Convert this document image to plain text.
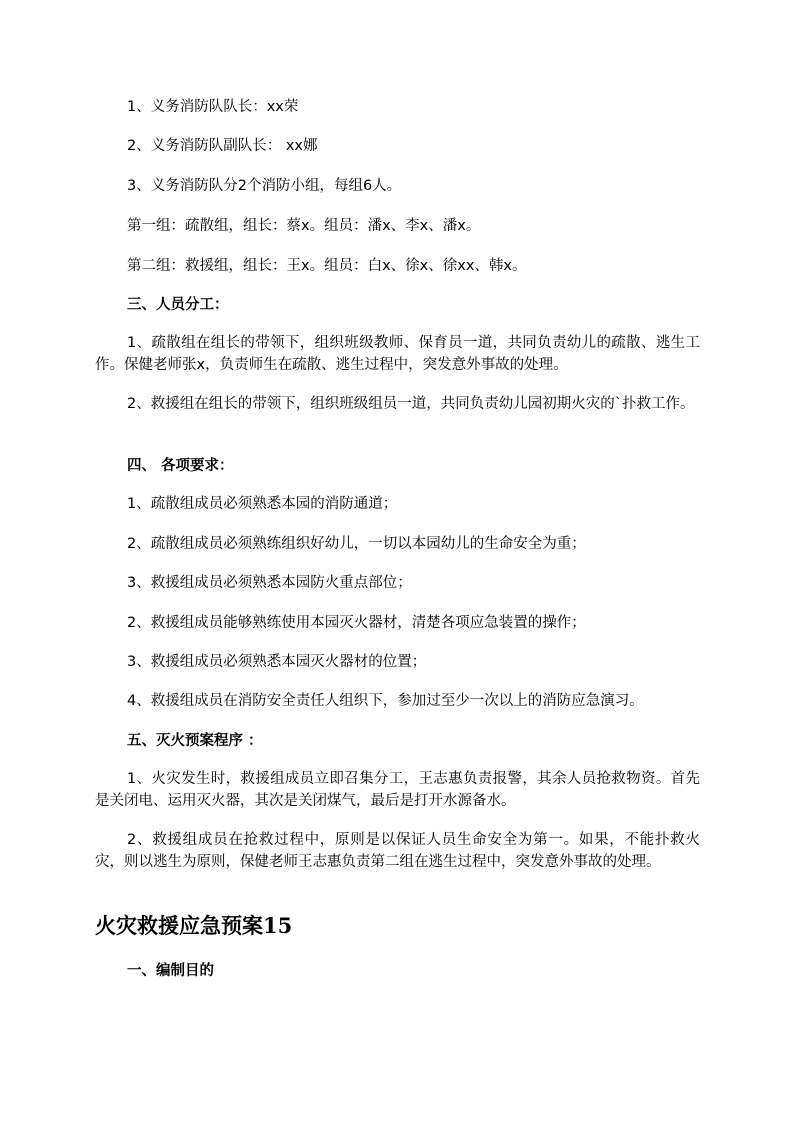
1、义务消防队队长：xx荣
2、义务消防队副队长： xx娜
3、义务消防队分2个消防小组，每组6人。
第一组：疏散组，组长：蔡x。组员：潘x、李x、潘x。
第二组：救援组，组长：王x。组员：白x、徐x、徐xx、韩x。
三、人员分工：
1、疏散组在组长的带领下，组织班级教师、保育员一道，共同负责幼儿的疏散、逃生工作。保健老师张x，负责师生在疏散、逃生过程中，突发意外事故的处理。
2、救援组在组长的带领下，组织班级组员一道，共同负责幼儿园初期火灾的`扑救工作。
四、 各项要求：
1、疏散组成员必须熟悉本园的消防通道；
2、疏散组成员必须熟练组织好幼儿，一切以本园幼儿的生命安全为重；
3、救援组成员必须熟悉本园防火重点部位；
2、救援组成员能够熟练使用本园灭火器材，清楚各项应急装置的操作；
3、救援组成员必须熟悉本园灭火器材的位置；
4、救援组成员在消防安全责任人组织下，参加过至少一次以上的消防应急演习。
五、灭火预案程序 ：
1、火灾发生时，救援组成员立即召集分工，王志惠负责报警，其余人员抢救物资。首先是关闭电、运用灭火器，其次是关闭煤气，最后是打开水源备水。
2、救援组成员在抢救过程中，原则是以保证人员生命安全为第一。如果，不能扑救火灾，则以逃生为原则，保健老师王志惠负责第二组在逃生过程中，突发意外事故的处理。
火灾救援应急预案15
一、编制目的
